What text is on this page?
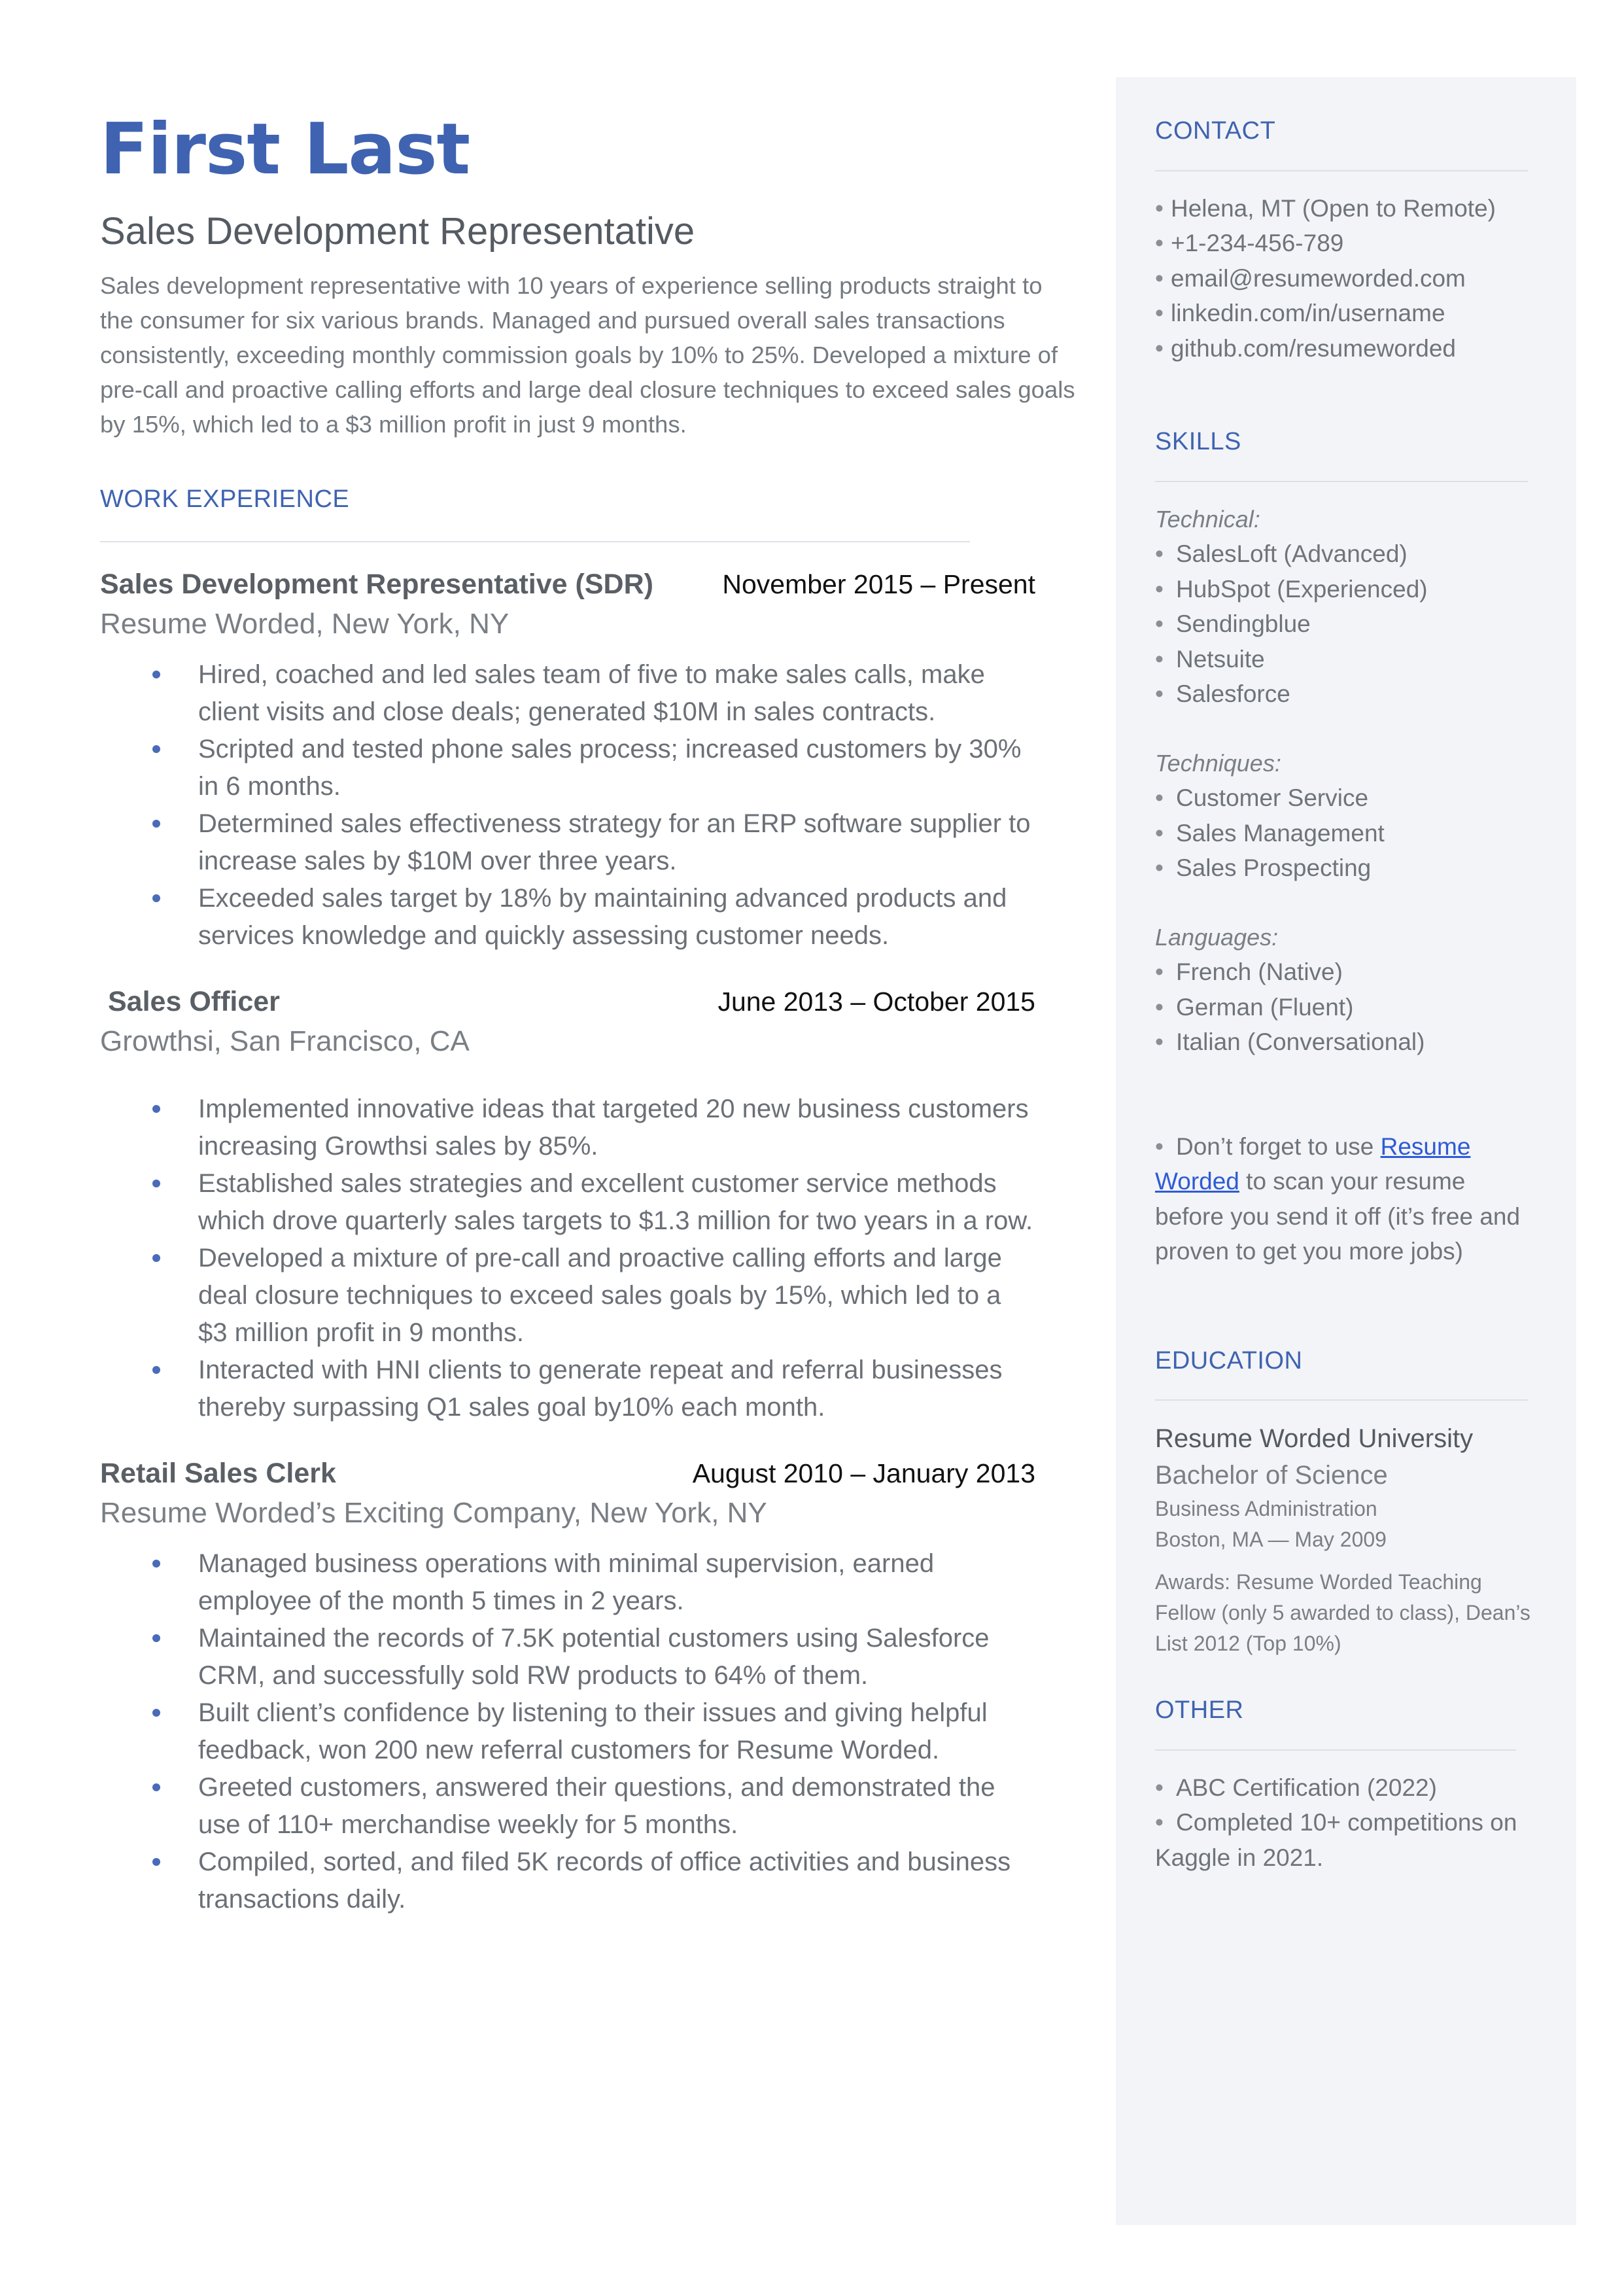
First Last
Sales Development Representative
Sales development representative with 10 years of experience selling products straight to the consumer for six various brands. Managed and pursued overall sales transactions consistently, exceeding monthly commission goals by 10% to 25%. Developed a mixture of pre-call and proactive calling efforts and large deal closure techniques to exceed sales goals by 15%, which led to a $3 million profit in just 9 months.
WORK EXPERIENCE
Sales Development Representative (SDR)	November 2015 – Present
Resume Worded, New York, NY
Hired, coached and led sales team of five to make sales calls, make client visits and close deals; generated $10M in sales contracts.
Scripted and tested phone sales process; increased customers by 30% in 6 months.
Determined sales effectiveness strategy for an ERP software supplier to increase sales by $10M over three years.
Exceeded sales target by 18% by maintaining advanced products and services knowledge and quickly assessing customer needs.
Sales Officer	June 2013 – October 2015
Growthsi, San Francisco, CA
Implemented innovative ideas that targeted 20 new business customers increasing Growthsi sales by 85%.
Established sales strategies and excellent customer service methods which drove quarterly sales targets to $1.3 million for two years in a row.
Developed a mixture of pre-call and proactive calling efforts and large deal closure techniques to exceed sales goals by 15%, which led to a $3 million profit in 9 months.
Interacted with HNI clients to generate repeat and referral businesses thereby surpassing Q1 sales goal by10% each month.
Retail Sales Clerk	August 2010 – January 2013
Resume Worded’s Exciting Company, New York, NY
Managed business operations with minimal supervision, earned employee of the month 5 times in 2 years.
Maintained the records of 7.5K potential customers using Salesforce CRM, and successfully sold RW products to 64% of them.
Built client’s confidence by listening to their issues and giving helpful feedback, won 200 new referral customers for Resume Worded.
Greeted customers, answered their questions, and demonstrated the use of 110+ merchandise weekly for 5 months.
Compiled, sorted, and filed 5K records of office activities and business transactions daily.
CONTACT
• Helena, MT (Open to Remote)
• +1-234-456-789
• email@resumeworded.com
• linkedin.com/in/username
• github.com/resumeworded
SKILLS
Technical:
• SalesLoft (Advanced)
• HubSpot (Experienced)
• Sendingblue
• Netsuite
• Salesforce
Techniques:
• Customer Service
• Sales Management
• Sales Prospecting
Languages:
• French (Native)
• German (Fluent)
• Italian (Conversational)
• Don’t forget to use Resume Worded to scan your resume before you send it off (it’s free and proven to get you more jobs)
EDUCATION
Resume Worded University
Bachelor of Science
Business Administration
Boston, MA — May 2009
Awards: Resume Worded Teaching Fellow (only 5 awarded to class), Dean’s List 2012 (Top 10%)
OTHER
• ABC Certification (2022)
• Completed 10+ competitions on Kaggle in 2021.
